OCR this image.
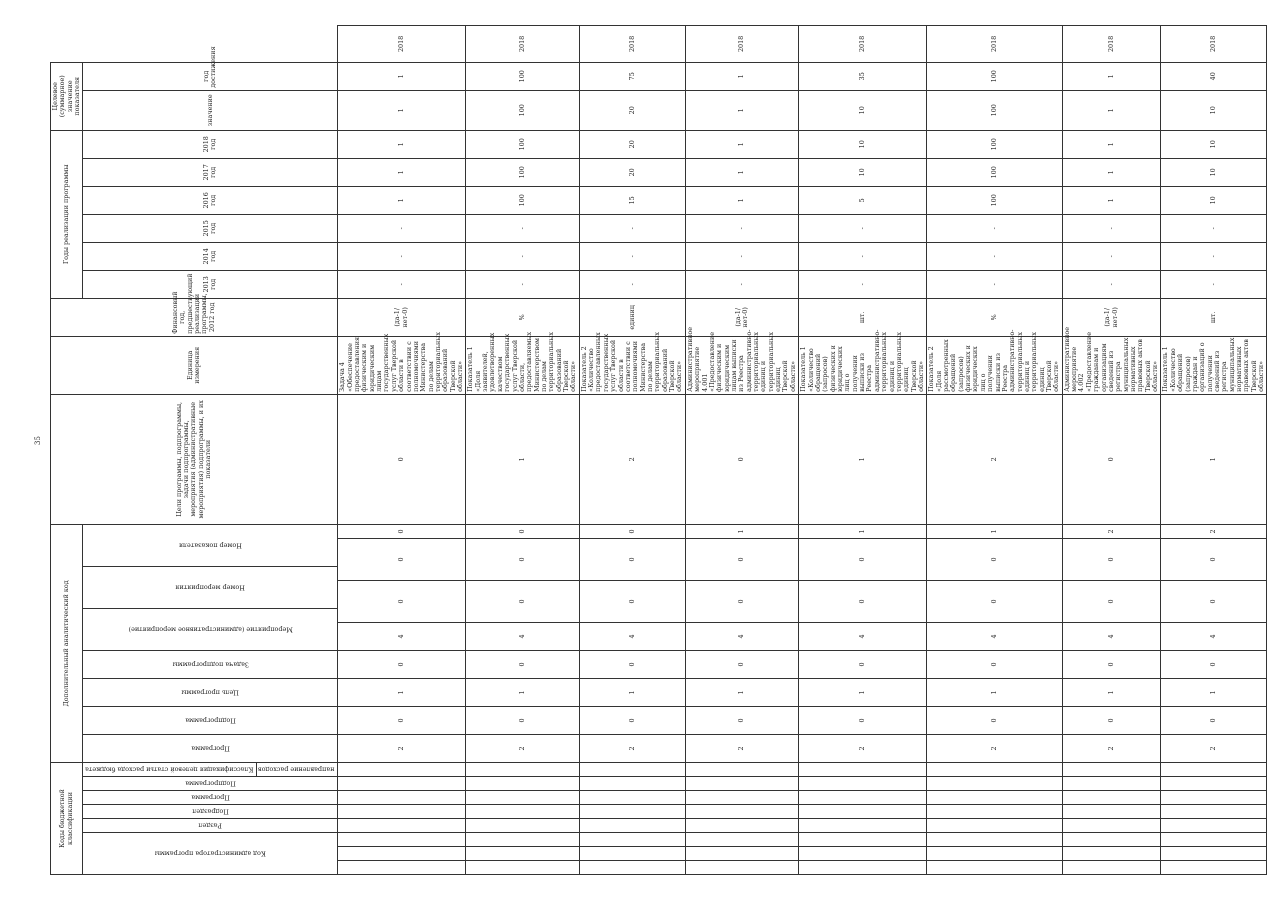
35
Коды бюджетной классификации								Дополнительный аналитический код										Цели программы, подпрограммы, задачи подпрограммы, мероприятия (административные мероприятия) подпрограммы, и их показатели	Единица измерения	Финансовый год, предшествующий реализации программы, 2012 год	Годы реализации программы						Целевое (суммарное) значение показателя		
Код администратора программы			Раздел	Подраздел	Программа	Подпрограмма	Классификация целевой статьи расхода бюджета	Программа	Подпрограмма	Цель программы	Задача подпрограммы	Мероприятие (административное мероприятие)		Номер мероприятия		Номер показателя					2013 год	2014 год	2015 год	2016 год	2017 год	2018 год	значение	год достижения	
							направление расходов																						
								2	0	1	0	4	0		0		0	0	Задача 4 «Обеспечение предоставления физическим и юридическим лицам государственных услуг Тверской области в соответствии с полномочиями Министерства по делам территориальных образований Тверской области»	(да-1/нет-0)	-	-	-	1	1	1	1	1	2018
								2	0	1	0	4	0		0		0	1	Показатель 1 «Доля заявителей, удовлетворенных качеством государственных услуг Тверской области, предоставляемых Министерством по делам территориальных образований Тверской области»	%	-	-	-	100	100	100	100	100	2018
								2	0	1	0	4	0		0		0	2	Показатель 2 «Количество предоставленных государственных услуг Тверской области в соответствии с полномочиями Министерства по делам территориальных образований Тверской области»	единиц	-	-	-	15	20	20	20	75	2018
								2	0	1	0	4	0		0		1	0	Административное мероприятие 4.001 «Предоставление физическим и юридическим лицам выписки из Реестра административно-территориальных единиц и территориальных единиц Тверской области»	(да-1/нет-0)	-	-	-	1	1	1	1	1	2018
								2	0	1	0	4	0		0		1	1	Показатель 1 «Количество обращений (запросов) физических и юридических лиц о получении выписки из Реестра административно-территориальных единиц и территориальных единиц Тверской области»	шт.	-	-	-	5	10	10	10	35	2018
								2	0	1	0	4	0		0		1	2	Показатель 2 «Доля рассмотренных обращений (запросов) физических и юридических лиц о получении выписки из Реестра административно-территориальных единиц и территориальных единиц Тверской области»	%	-	-	-	100	100	100	100	100	2018
								2	0	1	0	4	0		0		2	0	Административное мероприятие 4.002 «Предоставление гражданам и организациям сведений из регистра муниципальных нормативных правовых актов Тверской области»	(да-1/нет-0)	-	-	-	1	1	1	1	1	2018
								2	0	1	0	4	0		0		2	1	Показатель 1 «Количество обращений (запросов) граждан и организаций о получении сведений из регистра муниципальных нормативных правовых актов Тверской области»	шт.	-	-	-	10	10	10	10	40	2018
